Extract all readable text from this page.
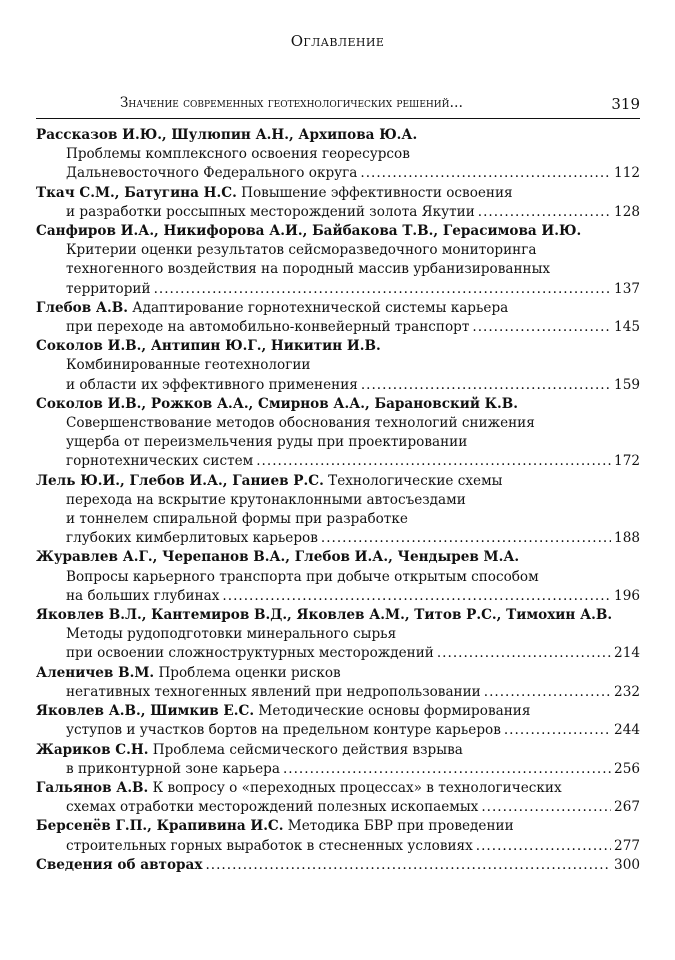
Оглавление
Значение современных геотехнологических решений…	319
Рассказов И.Ю., Шулюпин А.Н., Архипова Ю.А.
Проблемы комплексного освоения георесурсов
Дальневосточного Федерального округа .....	112
Ткач С.М., Батугина Н.С. Повышение эффективности освоения
и разработки россыпных месторождений золота Якутии .....	128
Санфиров И.А., Никифорова А.И., Байбакова Т.В., Герасимова И.Ю.
Критерии оценки результатов сейсморазведочного мониторинга
техногенного воздействия на породный массив урбанизированных
территорий .....	137
Глебов А.В. Адаптирование горнотехнической системы карьера
при переходе на автомобильно-конвейерный транспорт .....	145
Соколов И.В., Антипин Ю.Г., Никитин И.В.
Комбинированные геотехнологии
и области их эффективного применения .....	159
Соколов И.В., Рожков А.А., Смирнов А.А., Барановский К.В.
Совершенствование методов обоснования технологий снижения
ущерба от переизмельчения руды при проектировании
горнотехнических систем .....	172
Лель Ю.И., Глебов И.А., Ганиев Р.С. Технологические схемы
перехода на вскрытие крутонаклонными автосъездами
и тоннелем спиральной формы при разработке
глубоких кимберлитовых карьеров .....	188
Журавлев А.Г., Черепанов В.А., Глебов И.А., Чендырев М.А.
Вопросы карьерного транспорта при добыче открытым способом
на больших глубинах .....	196
Яковлев В.Л., Кантемиров В.Д., Яковлев А.М., Титов Р.С., Тимохин А.В.
Методы рудоподготовки минерального сырья
при освоении сложноструктурных месторождений .....	214
Аленичев В.М. Проблема оценки рисков
негативных техногенных явлений при недропользовании .....	232
Яковлев А.В., Шимкив Е.С. Методические основы формирования
уступов и участков бортов на предельном контуре карьеров .....	244
Жариков С.Н. Проблема сейсмического действия взрыва
в приконтурной зоне карьера .....	256
Гальянов А.В. К вопросу о «переходных процессах» в технологических
схемах отработки месторождений полезных ископаемых .....	267
Берсенёв Г.П., Крапивина И.С. Методика БВР при проведении
строительных горных выработок в стесненных условиях .....	277
Сведения об авторах .....	300
